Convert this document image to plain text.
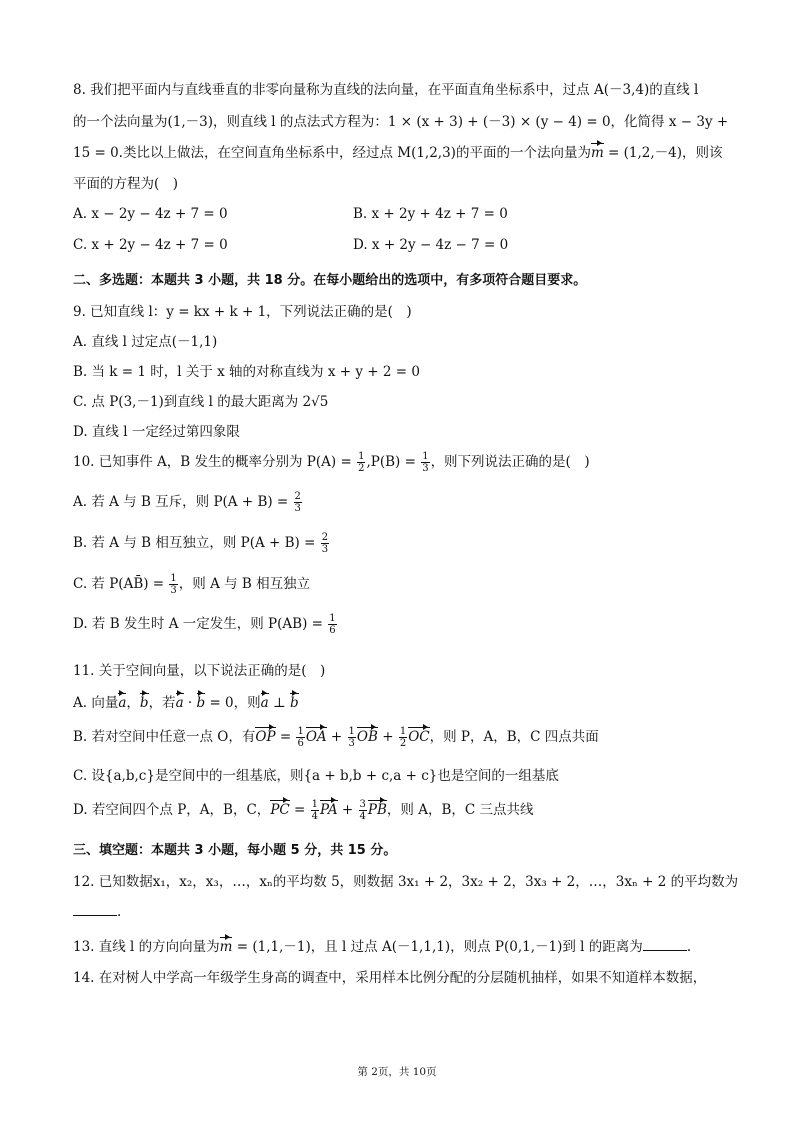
8. 我们把平面内与直线垂直的非零向量称为直线的法向量，在平面直角坐标系中，过点 A(－3,4)的直线 l
的一个法向量为(1,－3)，则直线 l 的点法式方程为：1 × (x + 3) + (－3) × (y − 4) = 0，化简得 x − 3y +
15 = 0.类比以上做法，在空间直角坐标系中，经过点 M(1,2,3)的平面的一个法向量为m = (1,2,－4)，则该
平面的方程为(　)
A. x − 2y − 4z + 7 = 0	B. x + 2y + 4z + 7 = 0
C. x + 2y − 4z + 7 = 0	D. x + 2y − 4z − 7 = 0
二、多选题：本题共 3 小题，共 18 分。在每小题给出的选项中，有多项符合题目要求。
9. 已知直线 l：y = kx + k + 1，下列说法正确的是(　)
A. 直线 l 过定点(－1,1)
B. 当 k = 1 时，l 关于 x 轴的对称直线为 x + y + 2 = 0
C. 点 P(3,－1)到直线 l 的最大距离为 2√5
D. 直线 l 一定经过第四象限
10. 已知事件 A，B 发生的概率分别为 $P(A) = \frac{1}{2} ,P(B) = \frac{1}{3}$ ，则下列说法正确的是(　)
A. 若 A 与 B 互斥，则 $P(A + B) = \frac{2}{3}$
B. 若 A 与 B 相互独立，则 $P(A + B) = \frac{2}{3}$
C. 若 P(AB̄) = $\frac{1}{3}$ ，则 A 与 B 相互独立
D. 若 B 发生时 A 一定发生，则 $P(AB) = \frac{1}{6}$
11. 关于空间向量，以下说法正确的是(　)
A. 向量a，b，若a · b = 0，则a ⊥ b
B. 若对空间中任意一点 O，有OP = $\frac{1}{6}$ OA + $\frac{1}{3}$ OB + $\frac{1}{2}$ OC，则 P，A，B，C 四点共面
C. 设{a,b,c}是空间中的一组基底，则{a + b,b + c,a + c}也是空间的一组基底
D. 若空间四个点 P，A，B，C，PC = $\frac{1}{4}$ PA + $\frac{3}{4}$ PB，则 A，B，C 三点共线
三、填空题：本题共 3 小题，每小题 5 分，共 15 分。
12. 已知数据x₁，x₂，x₃，…，xₙ的平均数 5，则数据 3x₁ + 2，3x₂ + 2，3x₃ + 2，…，3xₙ + 2 的平均数为
.
13. 直线 l 的方向向量为m = (1,1,－1)，且 l 过点 A(－1,1,1)，则点 P(0,1,－1)到 l 的距离为	.
14. 在对树人中学高一年级学生身高的调查中，采用样本比例分配的分层随机抽样，如果不知道样本数据，
第 2页，共 10页
